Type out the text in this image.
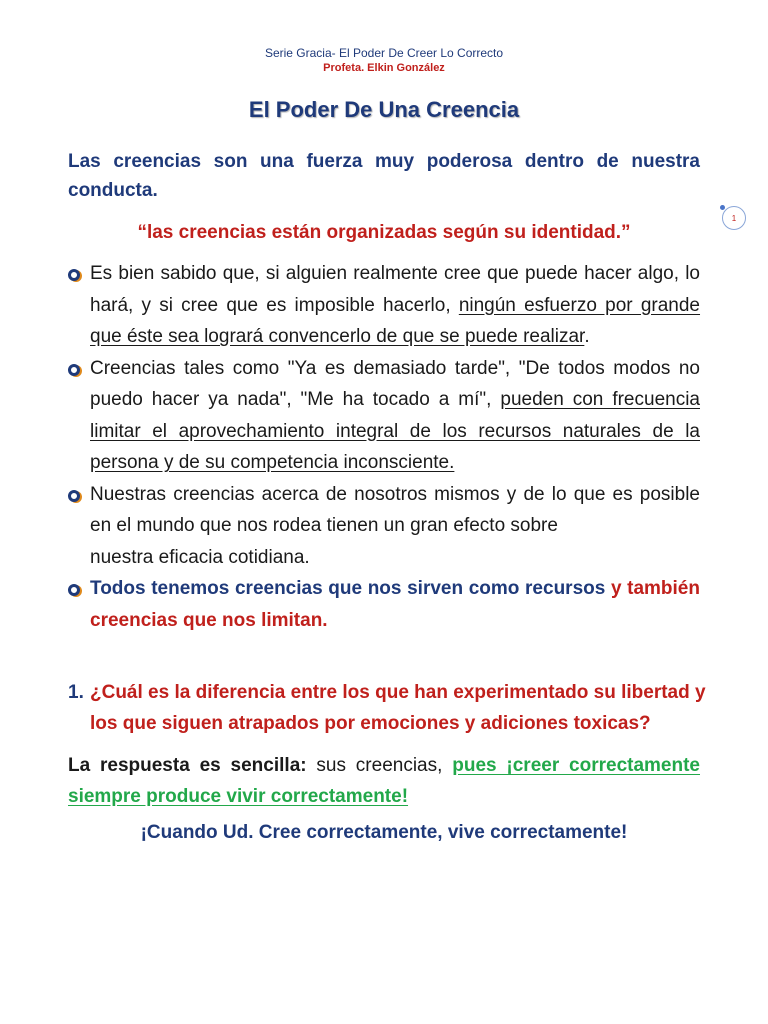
Serie Gracia- El Poder De Creer Lo Correcto
Profeta. Elkin González
El Poder De Una Creencia
Las creencias son una fuerza muy poderosa dentro de nuestra conducta.
1
“las creencias están organizadas según su identidad.”
Es bien sabido que, si alguien realmente cree que puede hacer algo, lo hará, y si cree que es imposible hacerlo, ningún esfuerzo por grande que éste sea logrará convencerlo de que se puede realizar.
Creencias tales como "Ya es demasiado tarde", "De todos modos no puedo hacer ya nada", "Me ha tocado a mí", pueden con frecuencia limitar el aprovechamiento integral de los recursos naturales de la persona y de su competencia inconsciente.
Nuestras creencias acerca de nosotros mismos y de lo que es posible en el mundo que nos rodea tienen un gran efecto sobre
nuestra eficacia cotidiana.
Todos tenemos creencias que nos sirven como recursos y también creencias que nos limitan.
1. ¿Cuál es la diferencia entre los que han experimentado su libertad y los que siguen atrapados por emociones y adiciones toxicas?
La respuesta es sencilla: sus creencias, pues ¡creer correctamente siempre produce vivir correctamente!
¡Cuando Ud. Cree correctamente, vive correctamente!
